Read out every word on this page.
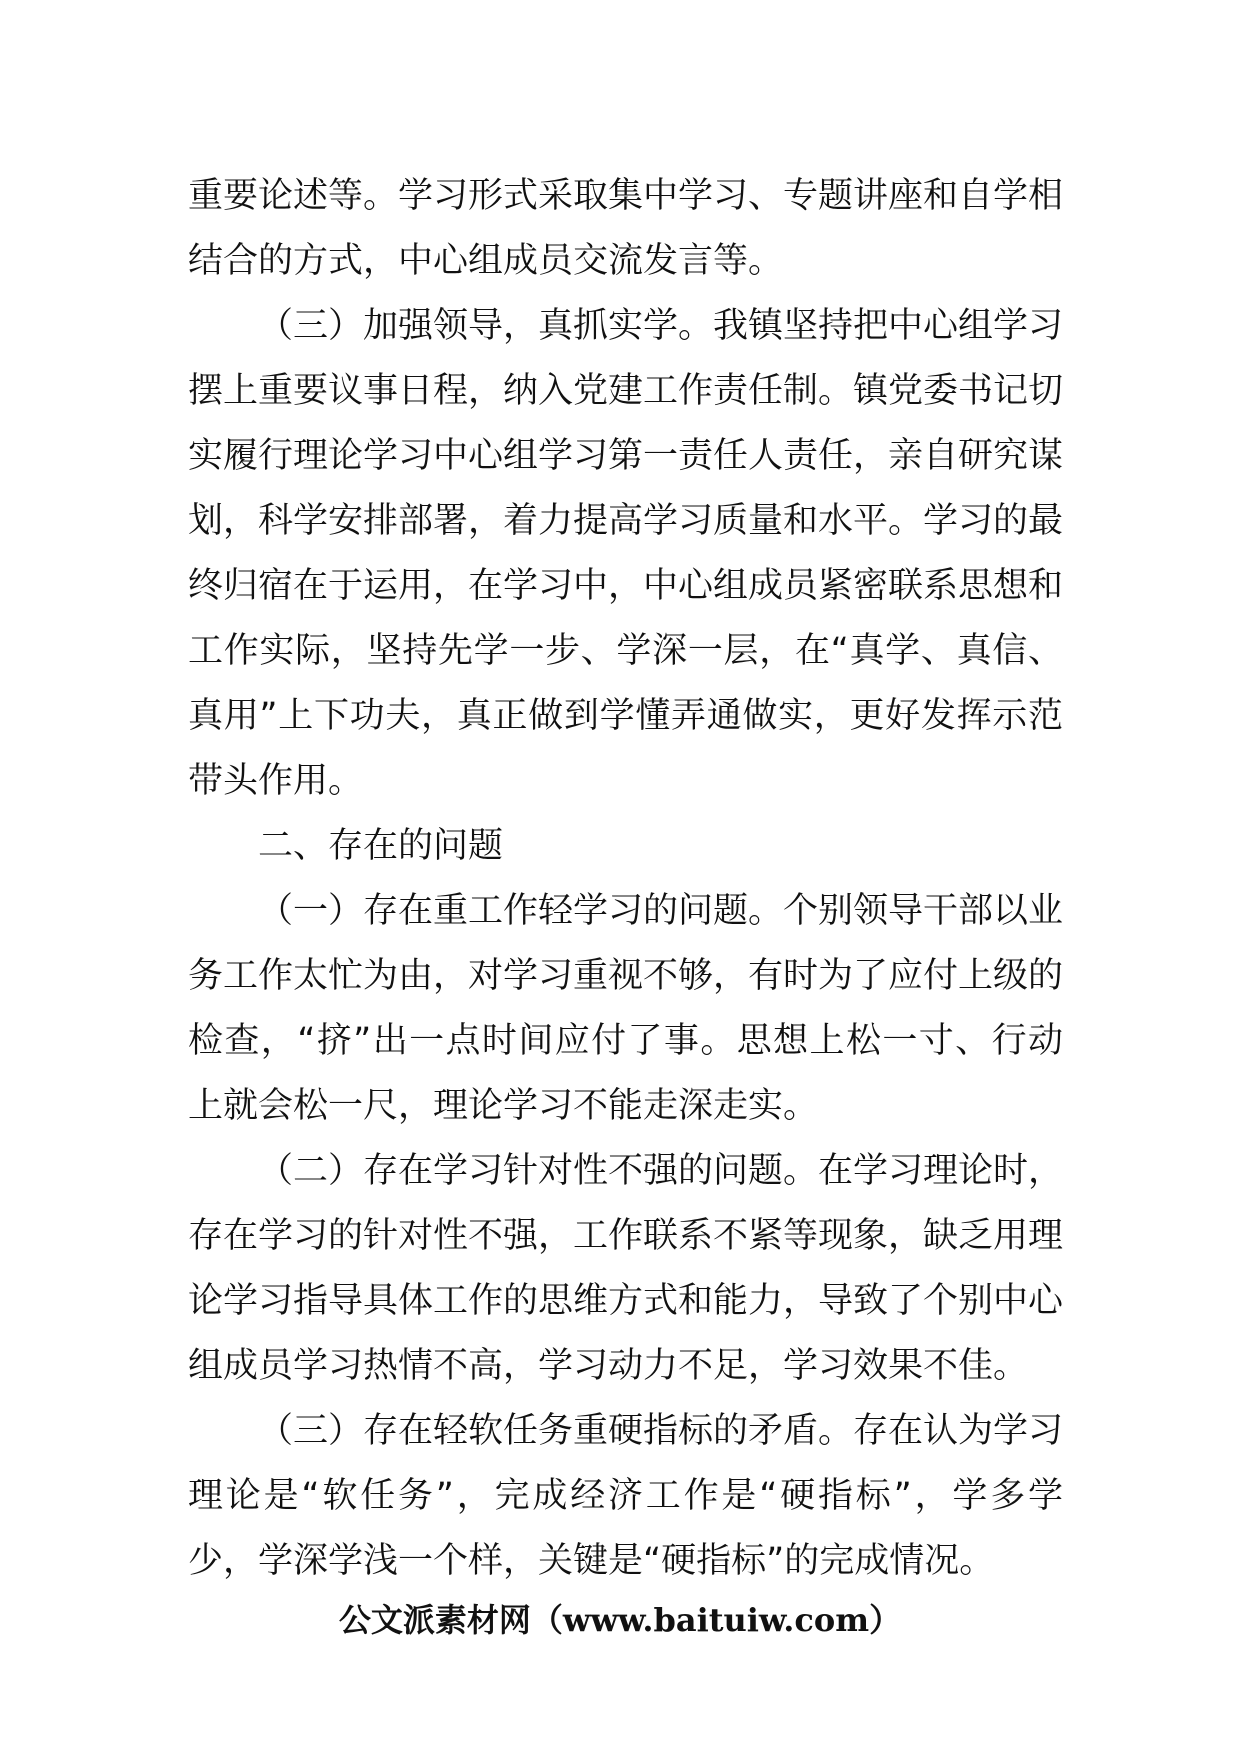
重要论述等。学习形式采取集中学习、专题讲座和自学相结合的方式，中心组成员交流发言等。

（三）加强领导，真抓实学。我镇坚持把中心组学习摆上重要议事日程，纳入党建工作责任制。镇党委书记切实履行理论学习中心组学习第一责任人责任，亲自研究谋划，科学安排部署，着力提高学习质量和水平。学习的最终归宿在于运用，在学习中，中心组成员紧密联系思想和工作实际，坚持先学一步、学深一层，在“真学、真信、真用”上下功夫，真正做到学懂弄通做实，更好发挥示范带头作用。

二、存在的问题

（一）存在重工作轻学习的问题。个别领导干部以业务工作太忙为由，对学习重视不够，有时为了应付上级的检查，“挤”出一点时间应付了事。思想上松一寸、行动上就会松一尺，理论学习不能走深走实。

（二）存在学习针对性不强的问题。在学习理论时，存在学习的针对性不强，工作联系不紧等现象，缺乏用理论学习指导具体工作的思维方式和能力，导致了个别中心组成员学习热情不高，学习动力不足，学习效果不佳。

（三）存在轻软任务重硬指标的矛盾。存在认为学习理论是“软任务”，完成经济工作是“硬指标”，学多学少，学深学浅一个样，关键是“硬指标”的完成情况。

公文派素材网（www.baituiw.com）
